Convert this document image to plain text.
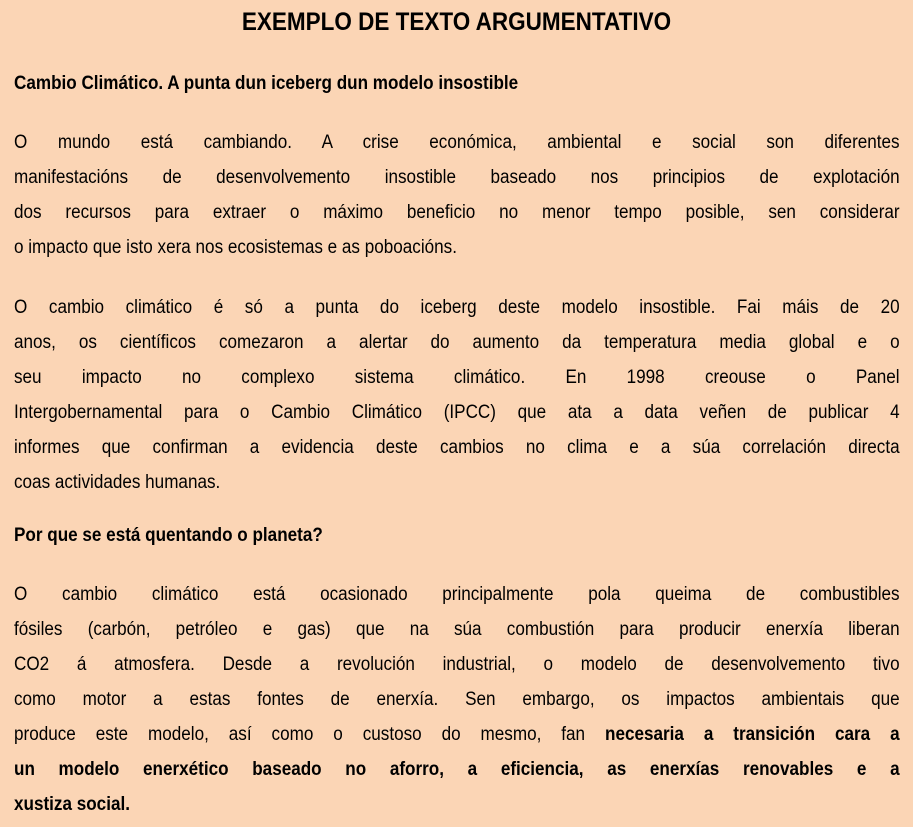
EXEMPLO DE TEXTO ARGUMENTATIVO
Cambio Climático. A punta dun iceberg dun modelo insostible
O mundo está cambiando. A crise económica, ambiental e social son diferentes
manifestacións de desenvolvemento insostible baseado nos principios de explotación
dos recursos para extraer o máximo beneficio no menor tempo posible, sen considerar
o impacto que isto xera nos ecosistemas e as poboacións.
O cambio climático é só a punta do iceberg deste modelo insostible. Fai máis de 20
anos, os científicos comezaron a alertar do aumento da temperatura media global e o
seu impacto no complexo sistema climático. En 1998 creouse o Panel
Intergobernamental para o Cambio Climático (IPCC) que ata a data veñen de publicar 4
informes que confirman a evidencia deste cambios no clima e a súa correlación directa
coas actividades humanas.
Por que se está quentando o planeta?
O cambio climático está ocasionado principalmente pola queima de combustibles
fósiles (carbón, petróleo e gas) que na súa combustión para producir enerxía liberan
CO2 á atmosfera. Desde a revolución industrial, o modelo de desenvolvemento tivo
como motor a estas fontes de enerxía. Sen embargo, os impactos ambientais que
produce este modelo, así como o custoso do mesmo, fan necesaria a transición cara a
un modelo enerxético baseado no aforro, a eficiencia, as enerxías renovables e a
xustiza social.
